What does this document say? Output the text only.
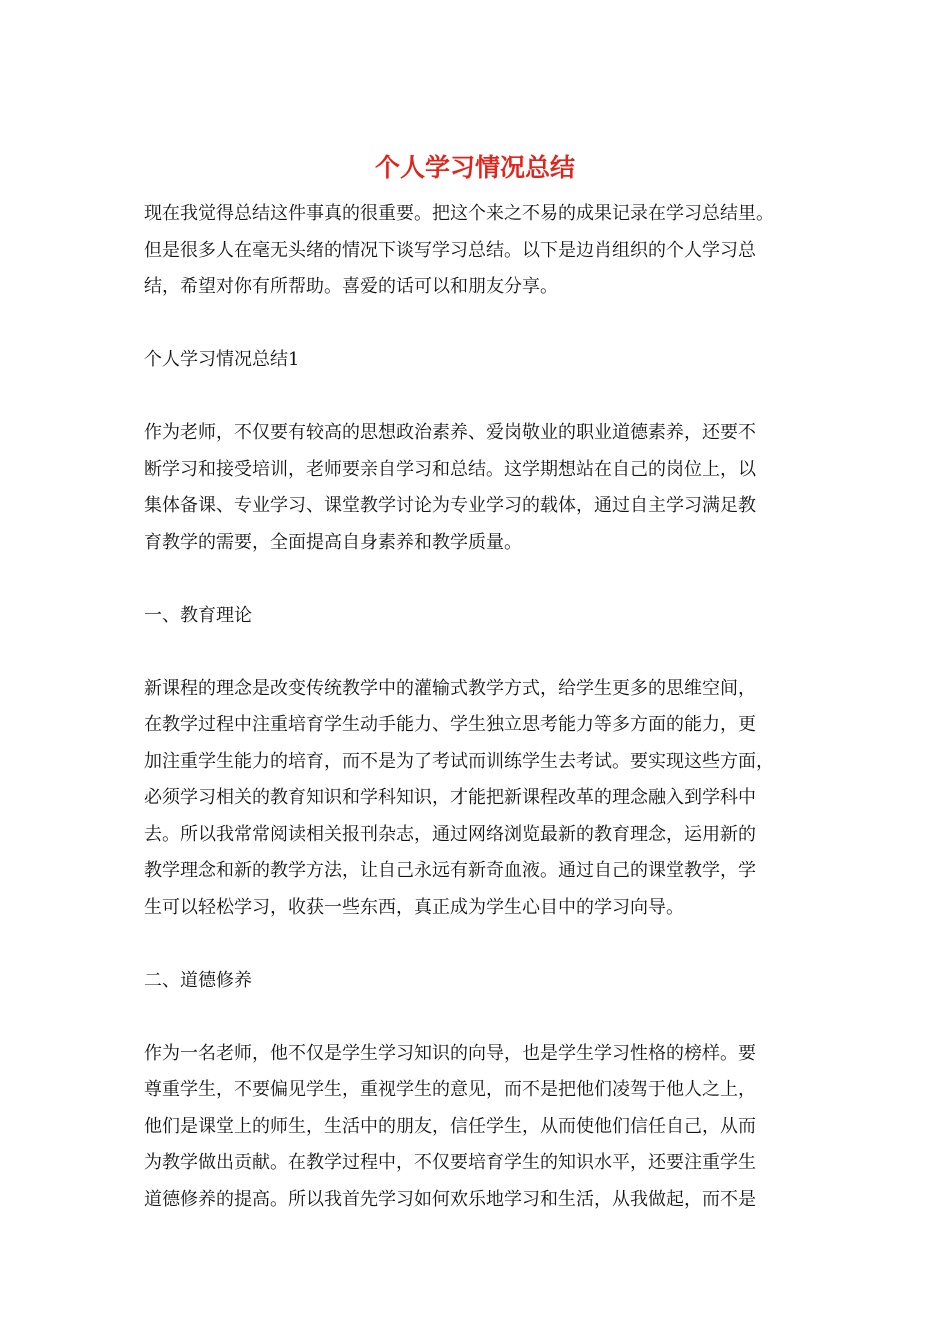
个人学习情况总结
现在我觉得总结这件事真的很重要。把这个来之不易的成果记录在学习总结里。
但是很多人在毫无头绪的情况下谈写学习总结。以下是边肖组织的个人学习总
结，希望对你有所帮助。喜爱的话可以和朋友分享。
个人学习情况总结1
作为老师，不仅要有较高的思想政治素养、爱岗敬业的职业道德素养，还要不
断学习和接受培训，老师要亲自学习和总结。这学期想站在自己的岗位上，以
集体备课、专业学习、课堂教学讨论为专业学习的载体，通过自主学习满足教
育教学的需要，全面提高自身素养和教学质量。
一、教育理论
新课程的理念是改变传统教学中的灌输式教学方式，给学生更多的思维空间，
在教学过程中注重培育学生动手能力、学生独立思考能力等多方面的能力，更
加注重学生能力的培育，而不是为了考试而训练学生去考试。要实现这些方面，
必须学习相关的教育知识和学科知识，才能把新课程改革的理念融入到学科中
去。所以我常常阅读相关报刊杂志，通过网络浏览最新的教育理念，运用新的
教学理念和新的教学方法，让自己永远有新奇血液。通过自己的课堂教学，学
生可以轻松学习，收获一些东西，真正成为学生心目中的学习向导。
二、道德修养
作为一名老师，他不仅是学生学习知识的向导，也是学生学习性格的榜样。要
尊重学生，不要偏见学生，重视学生的意见，而不是把他们凌驾于他人之上，
他们是课堂上的师生，生活中的朋友，信任学生，从而使他们信任自己，从而
为教学做出贡献。在教学过程中，不仅要培育学生的知识水平，还要注重学生
道德修养的提高。所以我首先学习如何欢乐地学习和生活，从我做起，而不是
